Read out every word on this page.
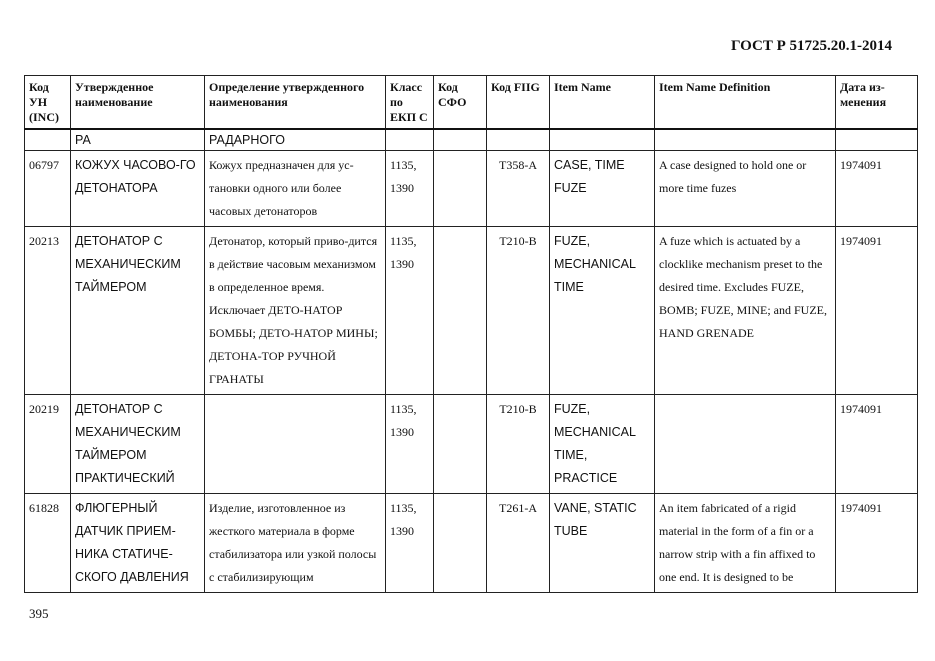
ГОСТ Р 51725.20.1-2014
Код УН (INC)	Утвержденное наименование	Определение утвержденного наименования	Класс по ЕКП С	Код СФО	Код FIIG	Item Name	Item Name Definition	Дата из-менения
	РА	РАДАРНОГО						
06797	КОЖУХ ЧАСОВО-ГО ДЕТОНАТОРА	Кожух предназначен для ус-тановки одного или более часовых детонаторов	1135, 1390		T358-A	CASE, TIME FUZE	A case designed to hold one or more time fuzes	1974091
20213	ДЕТОНАТОР С МЕХАНИЧЕСКИМ ТАЙМЕРОМ	Детонатор, который приво-дится в действие часовым механизмом в определенное время. Исключает ДЕТО-НАТОР БОМБЫ; ДЕТО-НАТОР МИНЫ; ДЕТОНА-ТОР РУЧНОЙ ГРАНАТЫ	1135, 1390		T210-B	FUZE, MECHANICAL TIME	A fuze which is actuated by a clocklike mechanism preset to the desired time. Excludes FUZE, BOMB; FUZE, MINE; and FUZE, HAND GRENADE	1974091
20219	ДЕТОНАТОР С МЕХАНИЧЕСКИМ ТАЙМЕРОМ ПРАКТИЧЕСКИЙ		1135, 1390		T210-B	FUZE, MECHANICAL TIME, PRACTICE		1974091
61828	ФЛЮГЕРНЫЙ ДАТЧИК ПРИЕМ-НИКА СТАТИЧЕ-СКОГО ДАВЛЕНИЯ	Изделие, изготовленное из жесткого материала в форме стабилизатора или узкой полосы с стабилизирующим	1135, 1390		T261-A	VANE, STATIC TUBE	An item fabricated of a rigid material in the form of a fin or a narrow strip with a fin affixed to one end. It is designed to be	1974091
395
